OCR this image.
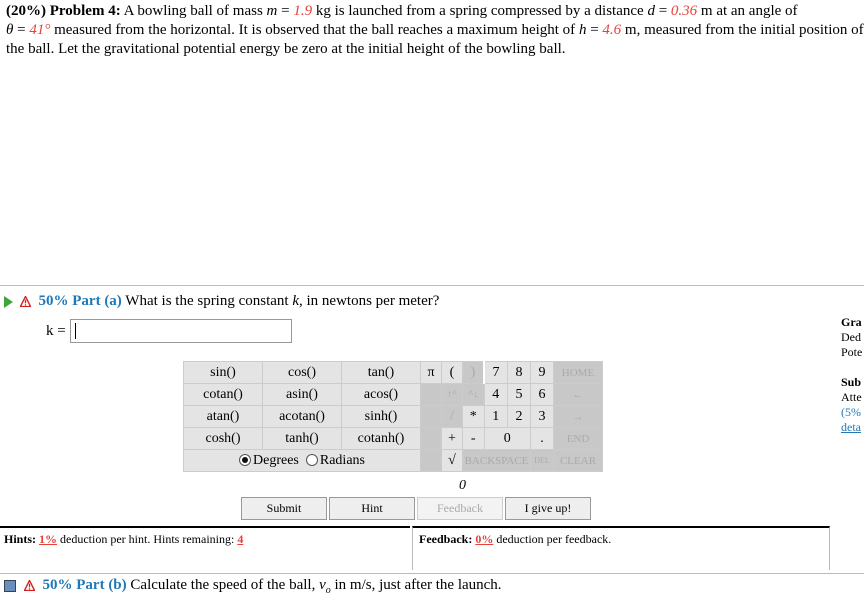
(20%) Problem 4: A bowling ball of mass m = 1.9 kg is launched from a spring compressed by a distance d = 0.36 m at an angle of
θ = 41° measured from the horizontal. It is observed that the ball reaches a maximum height of h = 4.6 m, measured from the initial position of the ball. Let the gravitational potential energy be zero at the initial height of the bowling ball.
50% Part (a) What is the spring constant k, in newtons per meter?
k =
Gra
Ded
Pote

Sub
Atte
(5%
deta
sin()	cos()	tan()	π	(	)	7	8	9	HOME
cotan()	asin()	acos()		↑^	^↓	4	5	6	←
atan()	acotan()	sinh()		/	*	1	2	3	→
cosh()	tanh()	cotanh()		+	-	0		.	END
Degrees Radians				√	BACKSPACE			DEL	CLEAR
0
Submit	Hint	Feedback	I give up!
Hints: 1% deduction per hint. Hints remaining: 4	Feedback: 0% deduction per feedback.
50% Part (b) Calculate the speed of the ball, $v_o$ in m/s, just after the launch.
